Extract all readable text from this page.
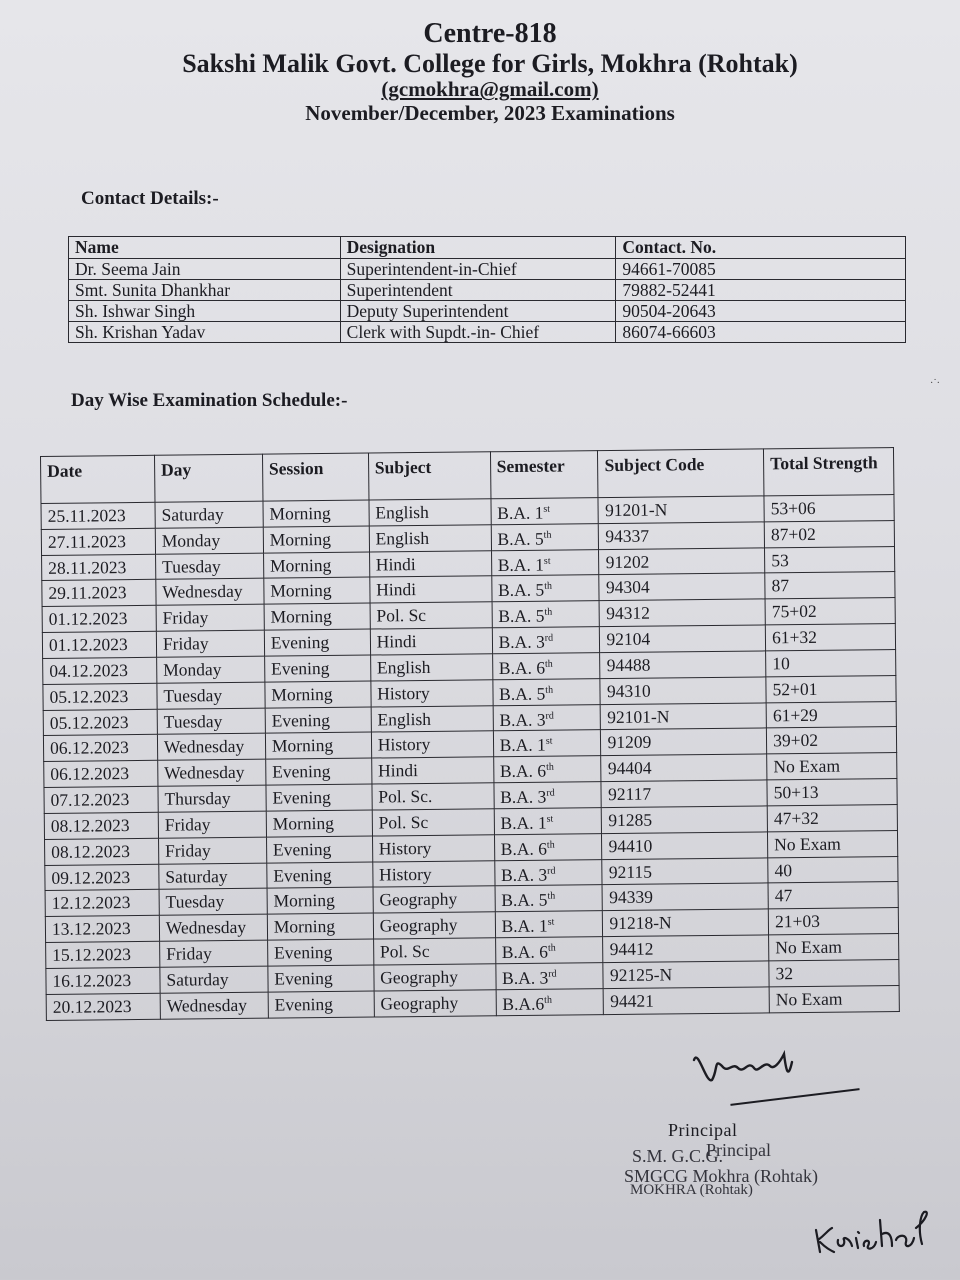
Centre-818
Sakshi Malik Govt. College for Girls, Mokhra (Rohtak)
(gcmokhra@gmail.com)
November/December, 2023 Examinations
Contact Details:-
Name	Designation	Contact. No.
Dr. Seema Jain	Superintendent-in-Chief	94661-70085
Smt. Sunita Dhankhar	Superintendent	79882-52441
Sh. Ishwar Singh	Deputy Superintendent	90504-20643
Sh. Krishan Yadav	Clerk with Supdt.-in- Chief	86074-66603
Day Wise Examination Schedule:-
Date	Day	Session	Subject	Semester	Subject Code	Total Strength
25.11.2023	Saturday	Morning	English	B.A. 1st	91201-N	53+06
27.11.2023	Monday	Morning	English	B.A. 5th	94337	87+02
28.11.2023	Tuesday	Morning	Hindi	B.A. 1st	91202	53
29.11.2023	Wednesday	Morning	Hindi	B.A. 5th	94304	87
01.12.2023	Friday	Morning	Pol. Sc	B.A. 5th	94312	75+02
01.12.2023	Friday	Evening	Hindi	B.A. 3rd	92104	61+32
04.12.2023	Monday	Evening	English	B.A. 6th	94488	10
05.12.2023	Tuesday	Morning	History	B.A. 5th	94310	52+01
05.12.2023	Tuesday	Evening	English	B.A. 3rd	92101-N	61+29
06.12.2023	Wednesday	Morning	History	B.A. 1st	91209	39+02
06.12.2023	Wednesday	Evening	Hindi	B.A. 6th	94404	No Exam
07.12.2023	Thursday	Evening	Pol. Sc.	B.A. 3rd	92117	50+13
08.12.2023	Friday	Morning	Pol. Sc	B.A. 1st	91285	47+32
08.12.2023	Friday	Evening	History	B.A. 6th	94410	No Exam
09.12.2023	Saturday	Evening	History	B.A. 3rd	92115	40
12.12.2023	Tuesday	Morning	Geography	B.A. 5th	94339	47
13.12.2023	Wednesday	Morning	Geography	B.A. 1st	91218-N	21+03
15.12.2023	Friday	Evening	Pol. Sc	B.A. 6th	94412	No Exam
16.12.2023	Saturday	Evening	Geography	B.A. 3rd	92125-N	32
20.12.2023	Wednesday	Evening	Geography	B.A.6th	94421	No Exam
·˙·
Principal
S.M. G.C.G.
Principal
SMGCG Mokhra (Rohtak)
MOKHRA (Rohtak)
